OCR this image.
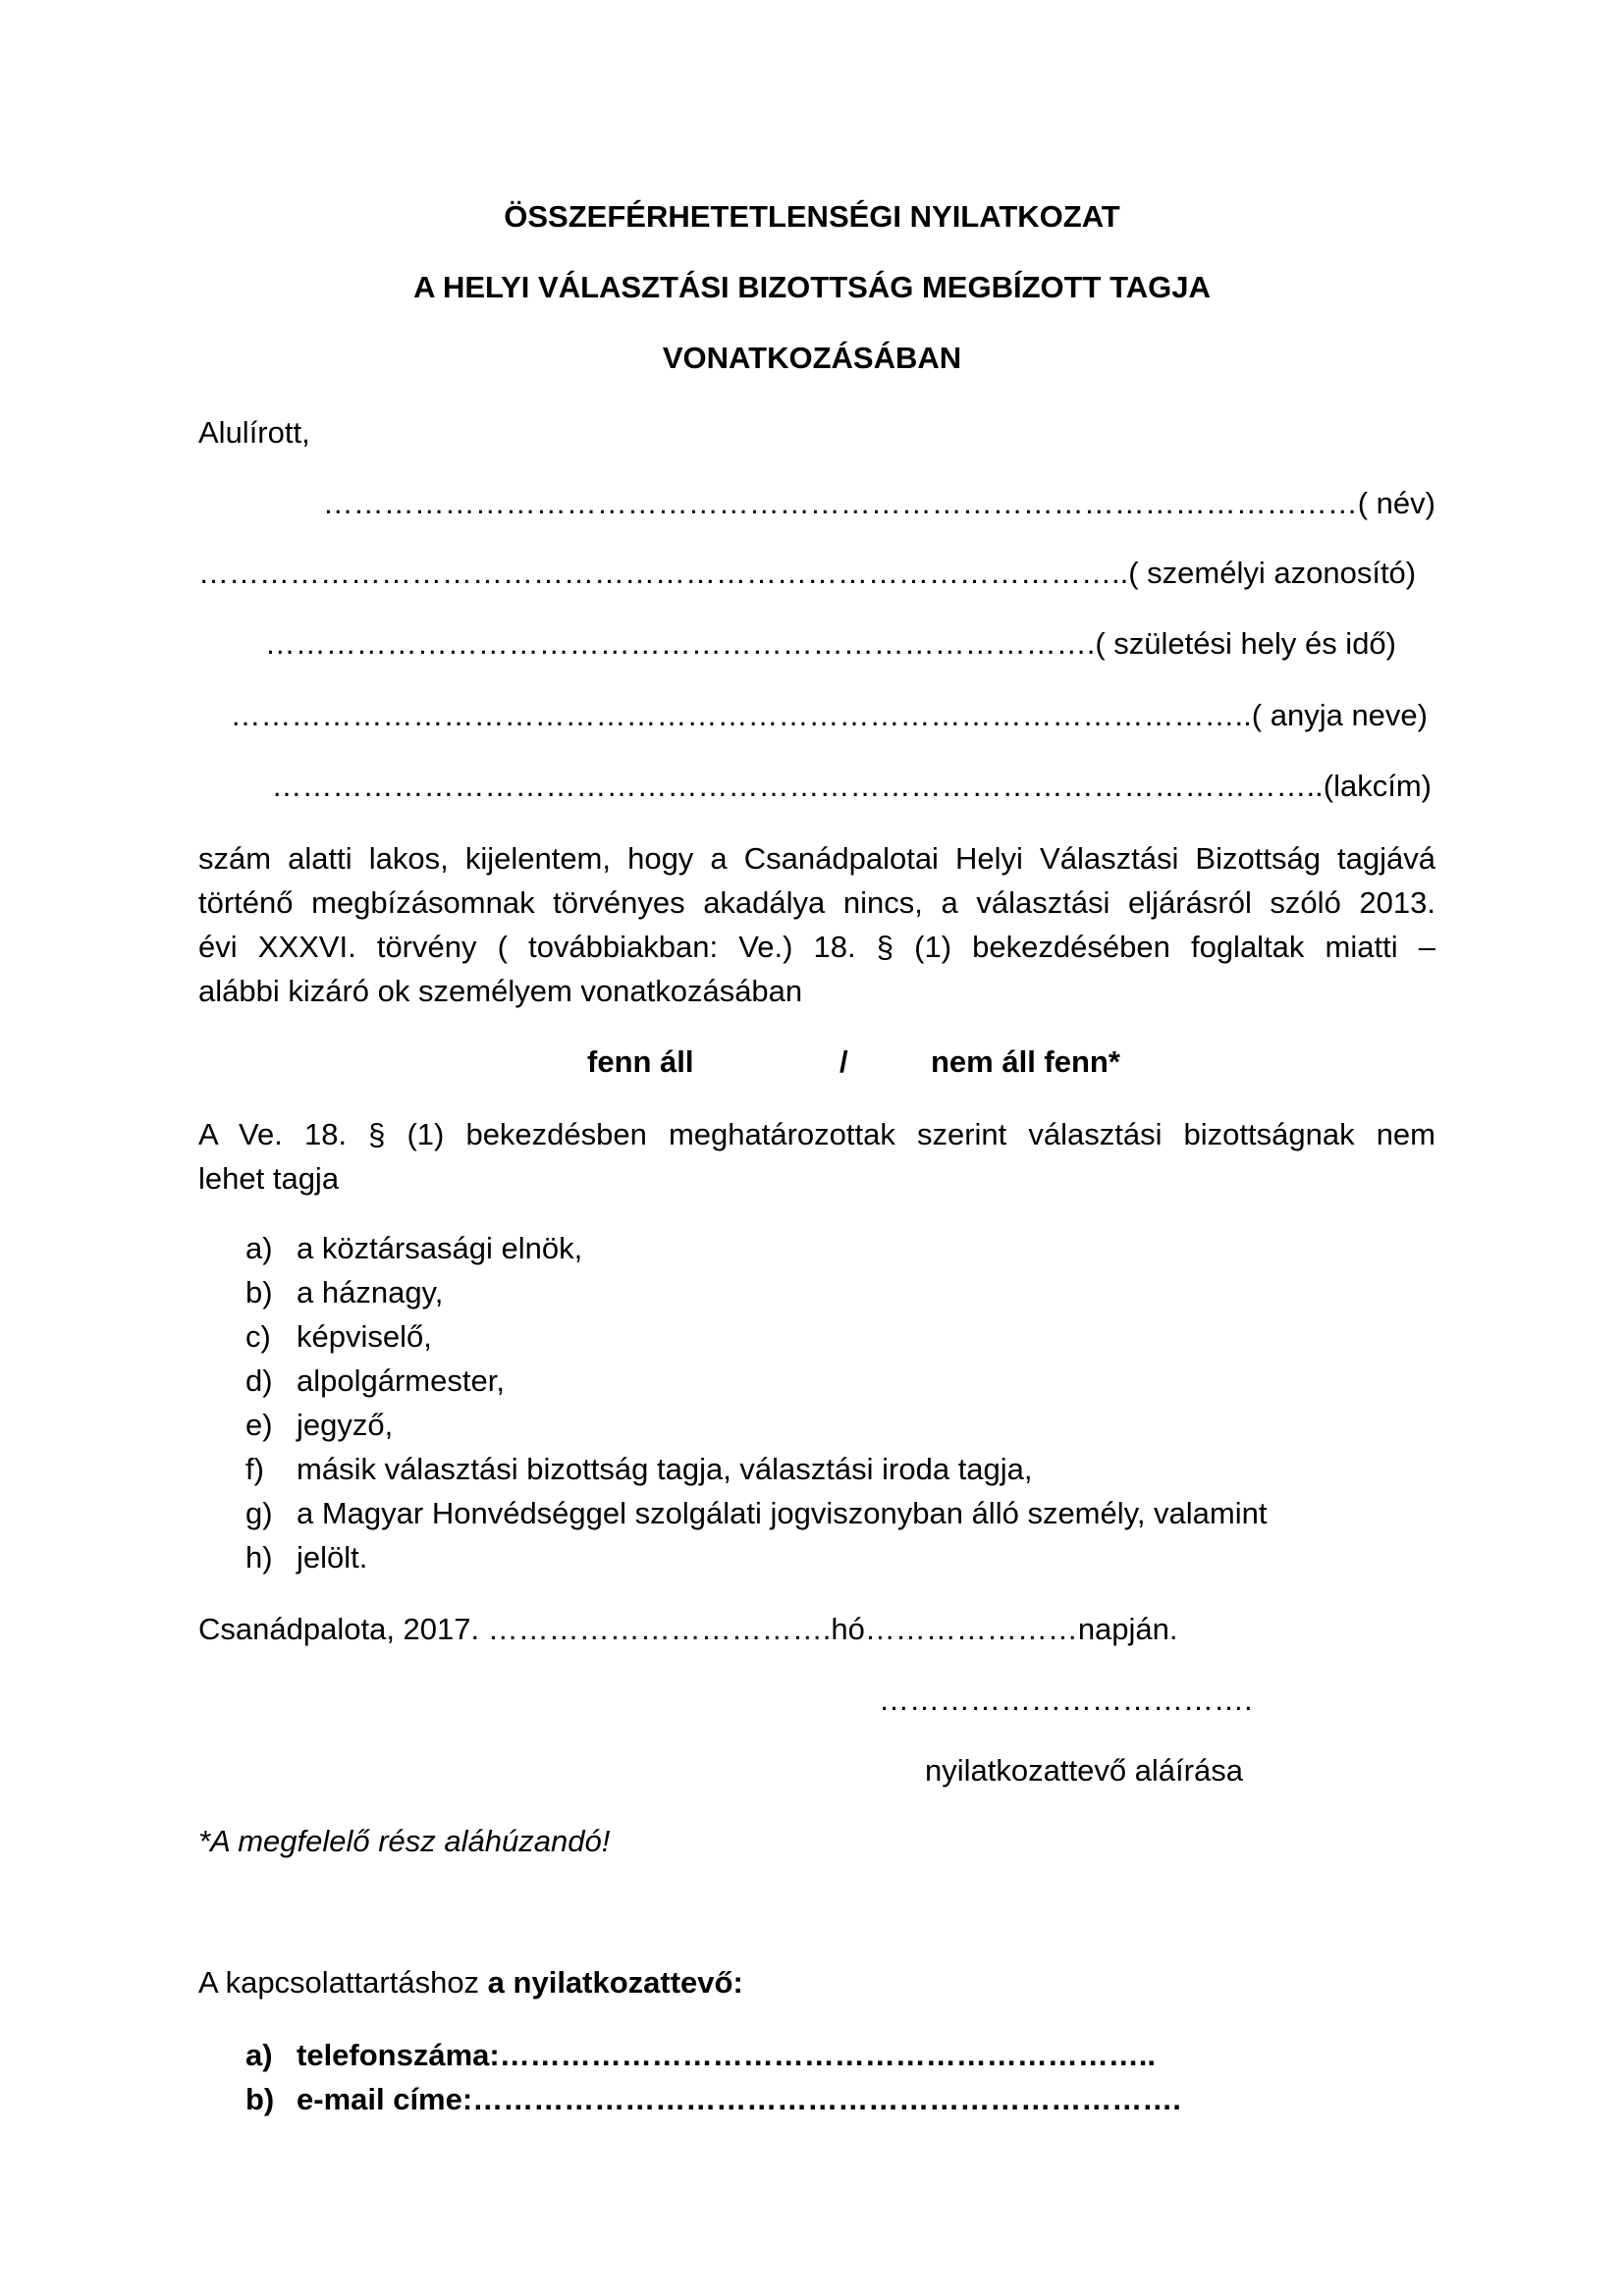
ÖSSZEFÉRHETETLENSÉGI NYILATKOZAT
A HELYI VÁLASZTÁSI BIZOTTSÁG MEGBÍZOTT TAGJA
VONATKOZÁSÁBAN
Alulírott,
…………………………………………………………………………………………( név)
………………………………………………………………………………..( személyi azonosító)
……………………………………………………………………….( születési hely és idő)
………………………………………………………………………………………..( anyja neve)
…………………………………………………………………………………………..(lakcím)
szám alatti lakos, kijelentem, hogy a Csanádpalotai Helyi Választási Bizottság tagjává
történő megbízásomnak törvényes akadálya nincs, a választási eljárásról szóló 2013.
évi XXXVI. törvény ( továbbiakban: Ve.) 18. § (1) bekezdésében foglaltak miatti –
alábbi kizáró ok személyem vonatkozásában
fenn áll	/	nem áll fenn*
A Ve. 18. § (1) bekezdésben meghatározottak szerint választási bizottságnak nem
lehet tagja
a) a köztársasági elnök,
b) a háznagy,
c) képviselő,
d) alpolgármester,
e) jegyző,
f) másik választási bizottság tagja, választási iroda tagja,
g) a Magyar Honvédséggel szolgálati jogviszonyban álló személy, valamint
h) jelölt.
Csanádpalota, 2017. …………………………….hó…………………napján.
……………………………….
nyilatkozattevő aláírása
*A megfelelő rész aláhúzandó!
A kapcsolattartáshoz a nyilatkozattevő:
a) telefonszáma:………………………………………………………..
b) e-mail címe:…………………………………………………………….
